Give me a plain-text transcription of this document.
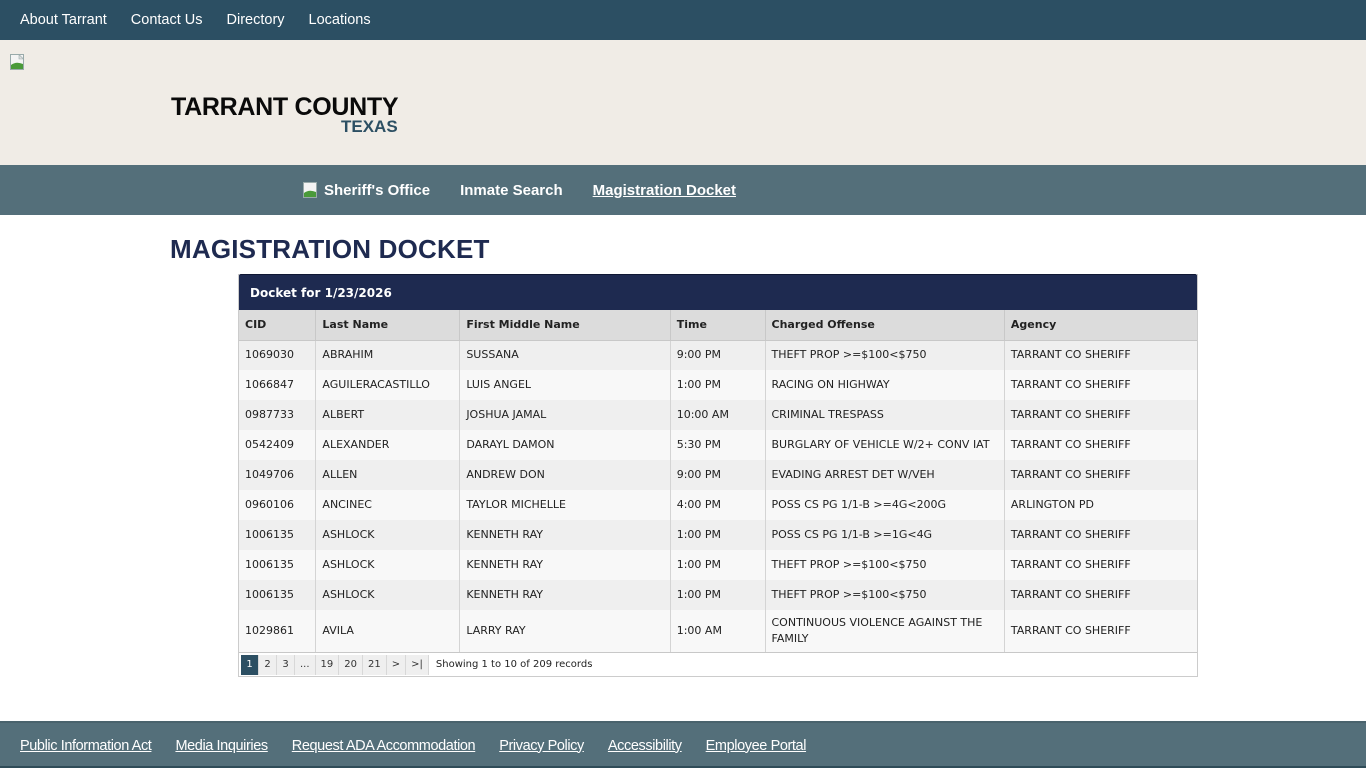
About Tarrant Contact Us Directory Locations
TARRANT COUNTY
TEXAS
Sheriff's Office Inmate Search Magistration Docket
MAGISTRATION DOCKET
Docket for 1/23/2026
CID	Last Name	First Middle Name	Time	Charged Offense	Agency
1069030	ABRAHIM	SUSSANA	9:00 PM	THEFT PROP >=$100<$750	TARRANT CO SHERIFF
1066847	AGUILERACASTILLO	LUIS ANGEL	1:00 PM	RACING ON HIGHWAY	TARRANT CO SHERIFF
0987733	ALBERT	JOSHUA JAMAL	10:00 AM	CRIMINAL TRESPASS	TARRANT CO SHERIFF
0542409	ALEXANDER	DARAYL DAMON	5:30 PM	BURGLARY OF VEHICLE W/2+ CONV IAT	TARRANT CO SHERIFF
1049706	ALLEN	ANDREW DON	9:00 PM	EVADING ARREST DET W/VEH	TARRANT CO SHERIFF
0960106	ANCINEC	TAYLOR MICHELLE	4:00 PM	POSS CS PG 1/1-B >=4G<200G	ARLINGTON PD
1006135	ASHLOCK	KENNETH RAY	1:00 PM	POSS CS PG 1/1-B >=1G<4G	TARRANT CO SHERIFF
1006135	ASHLOCK	KENNETH RAY	1:00 PM	THEFT PROP >=$100<$750	TARRANT CO SHERIFF
1006135	ASHLOCK	KENNETH RAY	1:00 PM	THEFT PROP >=$100<$750	TARRANT CO SHERIFF
1029861	AVILA	LARRY RAY	1:00 AM	CONTINUOUS VIOLENCE AGAINST THE FAMILY	TARRANT CO SHERIFF
1	2	3	...	19	20	21	>	>|	Showing 1 to 10 of 209 records
Public Information Act Media Inquiries Request ADA Accommodation Privacy Policy Accessibility Employee Portal
